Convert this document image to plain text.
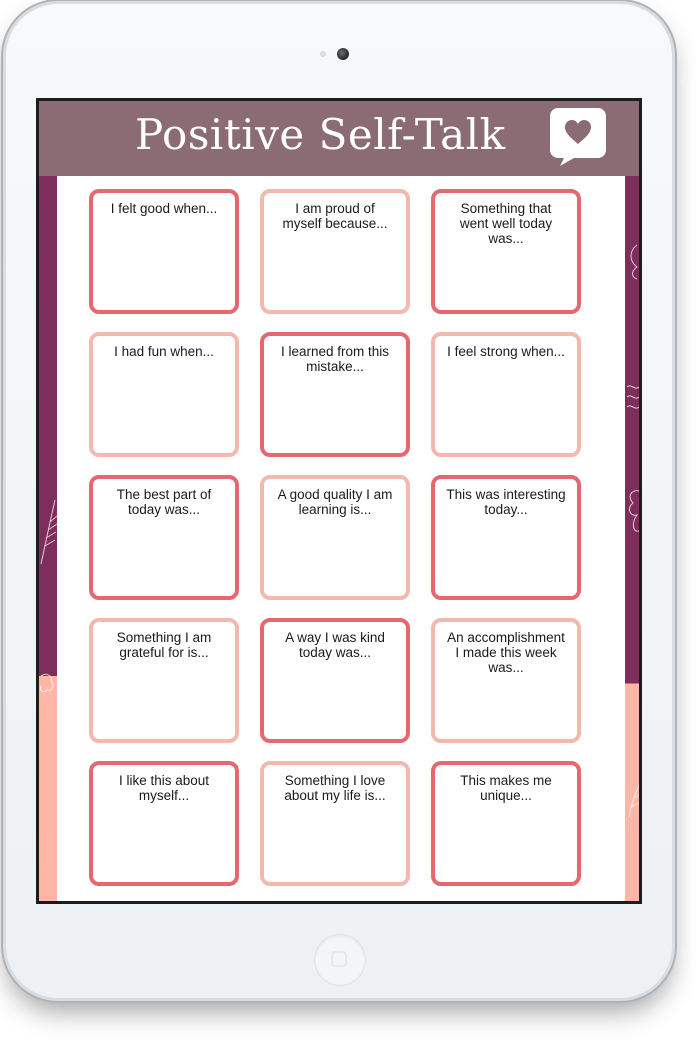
Positive Self-Talk
I felt good when...	I am proud of myself because...
Something that went well today was...
I had fun when...	I learned from this mistake...
I feel strong when...
The best part of today was...
A good quality I am learning is...
This was interesting today...
Something I am grateful for is...
A way I was kind today was...
An accomplishment I made this week was...
I like this about myself...
Something I love about my life is...
This makes me unique...
